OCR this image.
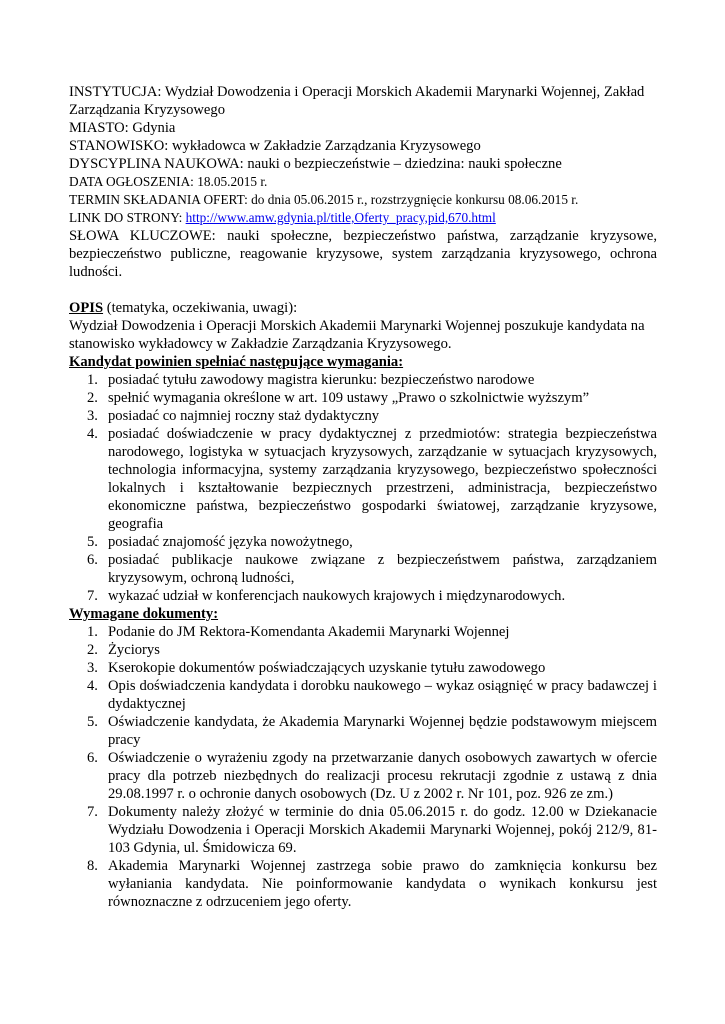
INSTYTUCJA: Wydział Dowodzenia i Operacji Morskich Akademii Marynarki Wojennej, Zakład Zarządzania Kryzysowego

MIASTO: Gdynia

STANOWISKO: wykładowca w Zakładzie Zarządzania Kryzysowego

DYSCYPLINA NAUKOWA: nauki o bezpieczeństwie – dziedzina: nauki społeczne

DATA OGŁOSZENIA: 18.05.2015 r.

TERMIN SKŁADANIA OFERT: do dnia 05.06.2015 r., rozstrzygnięcie konkursu 08.06.2015 r.

LINK DO STRONY: http://www.amw.gdynia.pl/title,Oferty_pracy,pid,670.html

SŁOWA KLUCZOWE: nauki społeczne, bezpieczeństwo państwa, zarządzanie kryzysowe, bezpieczeństwo publiczne, reagowanie kryzysowe, system zarządzania kryzysowego, ochrona ludności.

OPIS (tematyka, oczekiwania, uwagi):

Wydział Dowodzenia i Operacji Morskich Akademii Marynarki Wojennej poszukuje kandydata na stanowisko wykładowcy w Zakładzie Zarządzania Kryzysowego.

Kandydat powinien spełniać następujące wymagania:

1. posiadać tytułu zawodowy magistra kierunku: bezpieczeństwo narodowe
2. spełnić wymagania określone w art. 109 ustawy „Prawo o szkolnictwie wyższym”
3. posiadać co najmniej roczny staż dydaktyczny
4. posiadać doświadczenie w pracy dydaktycznej z przedmiotów: strategia bezpieczeństwa narodowego, logistyka w sytuacjach kryzysowych, zarządzanie w sytuacjach kryzysowych, technologia informacyjna, systemy zarządzania kryzysowego, bezpieczeństwo społeczności lokalnych i kształtowanie bezpiecznych przestrzeni, administracja, bezpieczeństwo ekonomiczne państwa, bezpieczeństwo gospodarki światowej, zarządzanie kryzysowe, geografia
5. posiadać znajomość języka nowożytnego,
6. posiadać publikacje naukowe związane z bezpieczeństwem państwa, zarządzaniem kryzysowym, ochroną ludności,
7. wykazać udział w konferencjach naukowych krajowych i międzynarodowych.

Wymagane dokumenty:

1. Podanie do JM Rektora-Komendanta Akademii Marynarki Wojennej
2. Życiorys
3. Kserokopie dokumentów poświadczających uzyskanie tytułu zawodowego
4. Opis doświadczenia kandydata i dorobku naukowego – wykaz osiągnięć w pracy badawczej i dydaktycznej
5. Oświadczenie kandydata, że Akademia Marynarki Wojennej będzie podstawowym miejscem pracy
6. Oświadczenie o wyrażeniu zgody na przetwarzanie danych osobowych zawartych w ofercie pracy dla potrzeb niezbędnych do realizacji procesu rekrutacji zgodnie z ustawą z dnia 29.08.1997 r. o ochronie danych osobowych (Dz. U z 2002 r. Nr 101, poz. 926 ze zm.)
7. Dokumenty należy złożyć w terminie do dnia 05.06.2015 r. do godz. 12.00 w Dziekanacie Wydziału Dowodzenia i Operacji Morskich Akademii Marynarki Wojennej, pokój 212/9, 81-103 Gdynia, ul. Śmidowicza 69.
8. Akademia Marynarki Wojennej zastrzega sobie prawo do zamknięcia konkursu bez wyłaniania kandydata. Nie poinformowanie kandydata o wynikach konkursu jest równoznaczne z odrzuceniem jego oferty.
